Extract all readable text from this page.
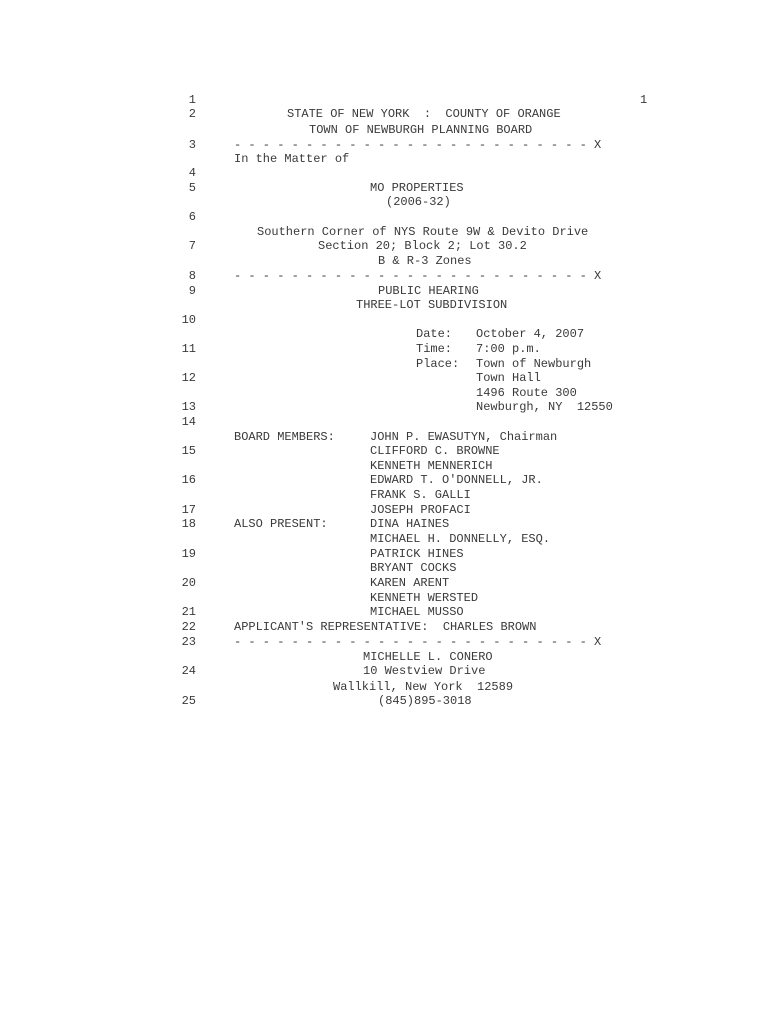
1
1
2
3
4
5
6
7
8
9
10
11
12
13
14
15
16
17
18
19
20
21
22
23
24
25
STATE OF NEW YORK  :  COUNTY OF ORANGE
TOWN OF NEWBURGH PLANNING BOARD
- - - - - - - - - - - - - - - - - - - - - - - - - X
In the Matter of
MO PROPERTIES
(2006-32)
Southern Corner of NYS Route 9W & Devito Drive
Section 20; Block 2; Lot 30.2
B & R-3 Zones
- - - - - - - - - - - - - - - - - - - - - - - - - X
PUBLIC HEARING
THREE-LOT SUBDIVISION
Date: October 4, 2007
Time: 7:00 p.m.
Place: Town of Newburgh
Town Hall
1496 Route 300
Newburgh, NY  12550
BOARD MEMBERS:	JOHN P. EWASUTYN, Chairman
CLIFFORD C. BROWNE
KENNETH MENNERICH
EDWARD T. O'DONNELL, JR.
FRANK S. GALLI
JOSEPH PROFACI
ALSO PRESENT:	DINA HAINES
MICHAEL H. DONNELLY, ESQ.
PATRICK HINES
BRYANT COCKS
KAREN ARENT
KENNETH WERSTED
MICHAEL MUSSO
APPLICANT'S REPRESENTATIVE:  CHARLES BROWN
- - - - - - - - - - - - - - - - - - - - - - - - - X
MICHELLE L. CONERO
10 Westview Drive
Wallkill, New York  12589
(845)895-3018
